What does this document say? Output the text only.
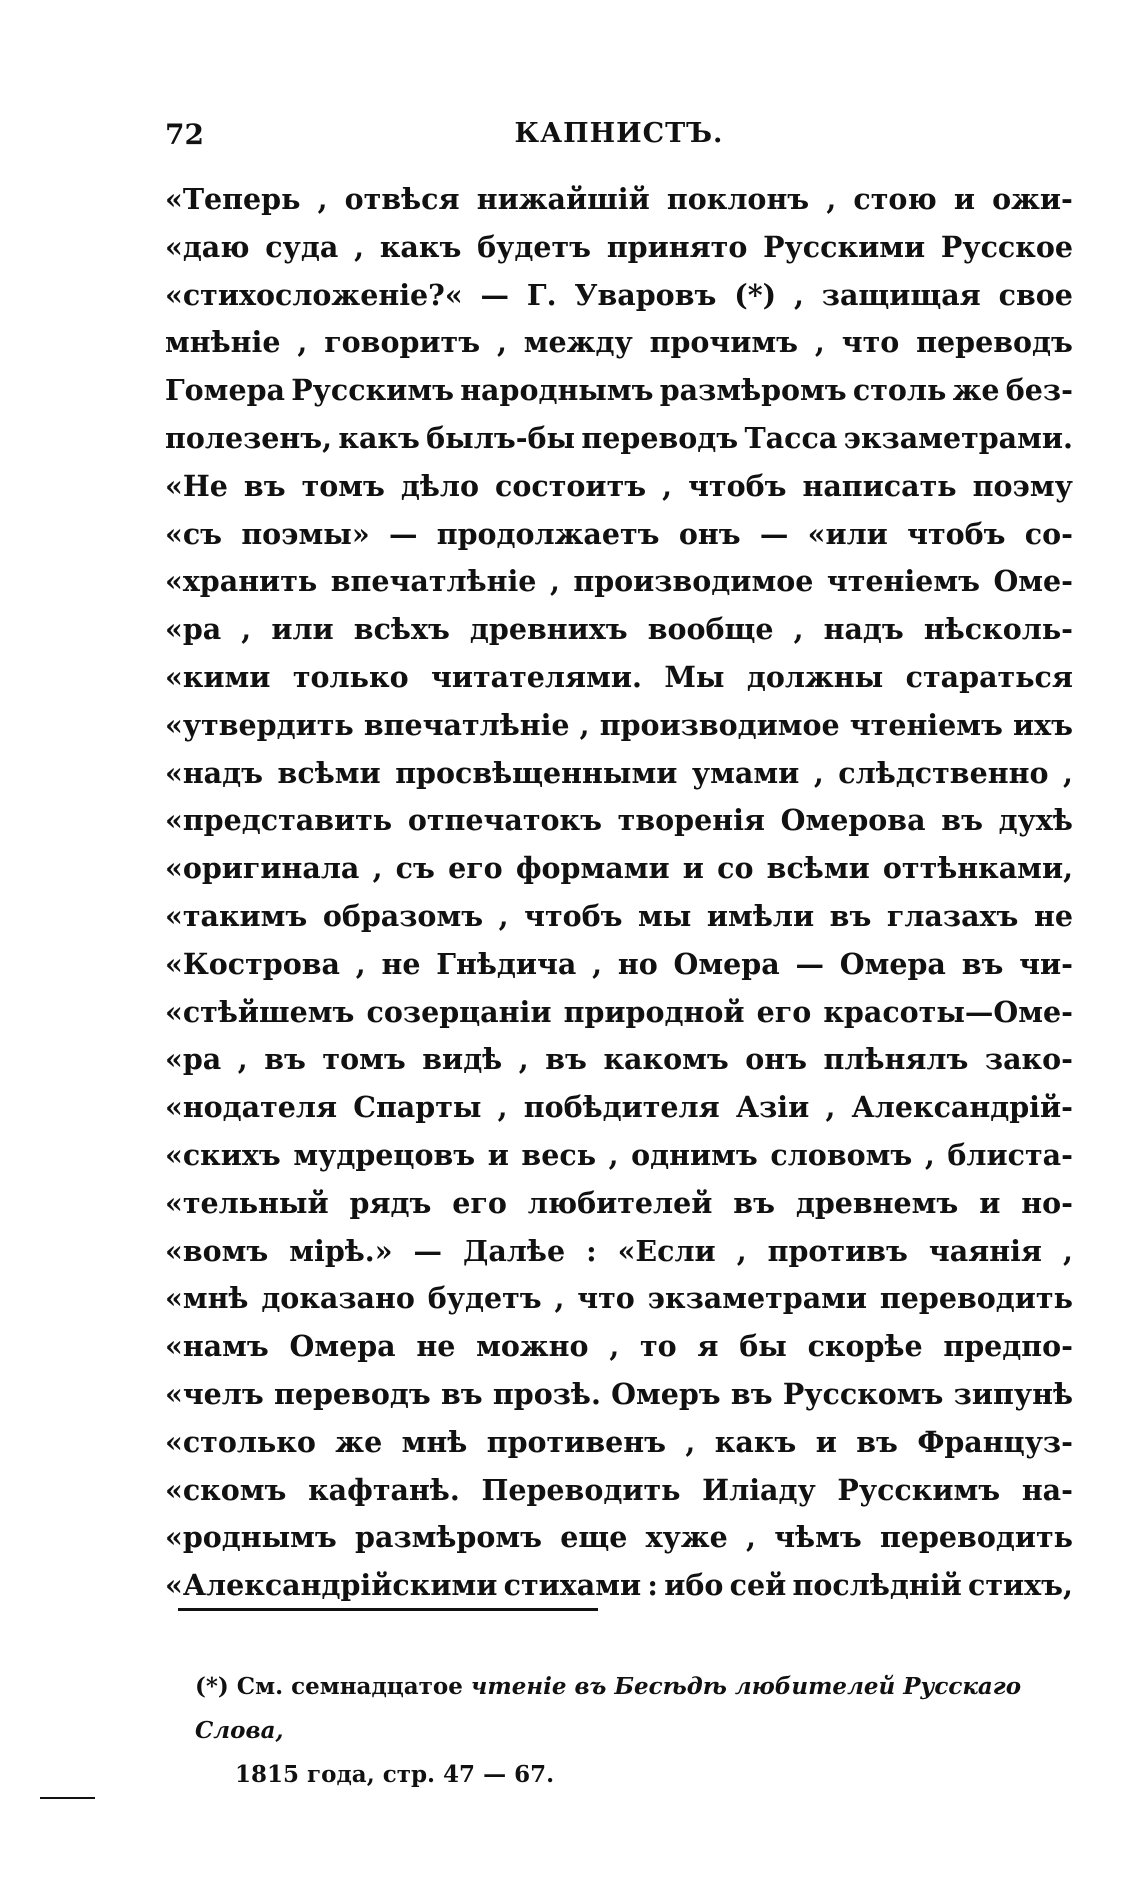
72	КАПНИСТЪ.
«Теперь , отвѣся нижайшій поклонъ , стою и ожи-
«даю суда , какъ будетъ принято Русскими Русское
«стихосложеніе?« — Г. Уваровъ (*) , защищая свое
мнѣніе , говоритъ , между прочимъ , что переводъ
Гомера Русскимъ народнымъ размѣромъ столь же без-
полезенъ, какъ былъ-бы переводъ Тасса экзаметрами.
«Не въ томъ дѣло состоитъ , чтобъ написать поэму
«съ поэмы» — продолжаетъ онъ — «или чтобъ со-
«хранить впечатлѣніе , производимое чтеніемъ Оме-
«ра , или всѣхъ древнихъ вообще , надъ нѣсколь-
«кими только читателями. Мы должны стараться
«утвердить впечатлѣніе , производимое чтеніемъ ихъ
«надъ всѣми просвѣщенными умами , слѣдственно ,
«представить отпечатокъ творенія Омерова въ духѣ
«оригинала , съ его формами и со всѣми оттѣнками,
«такимъ образомъ , чтобъ мы имѣли въ глазахъ не
«Кострова , не Гнѣдича , но Омера — Омера въ чи-
«стѣйшемъ созерцаніи природной его красоты—Оме-
«ра , въ томъ видѣ , въ какомъ онъ плѣнялъ зако-
«нодателя Спарты , побѣдителя Азіи , Александрій-
«скихъ мудрецовъ и весь , однимъ словомъ , блиста-
«тельный рядъ его любителей въ древнемъ и но-
«вомъ мірѣ.» — Далѣе : «Если , противъ чаянія ,
«мнѣ доказано будетъ , что экзаметрами переводить
«намъ Омера не можно , то я бы скорѣе предпо-
«челъ переводъ въ прозѣ. Омеръ въ Русскомъ зипунѣ
«столько же мнѣ противенъ , какъ и въ Француз-
«скомъ кафтанѣ. Переводить Иліаду Русскимъ на-
«роднымъ размѣромъ еще хуже , чѣмъ переводить
«Александрійскими стихами : ибо сей послѣдній стихъ,
(*) См. семнадцатое чтеніе въ Бесѣдѣ любителей Русскаго Слова,
1815 года, стр. 47 — 67.
